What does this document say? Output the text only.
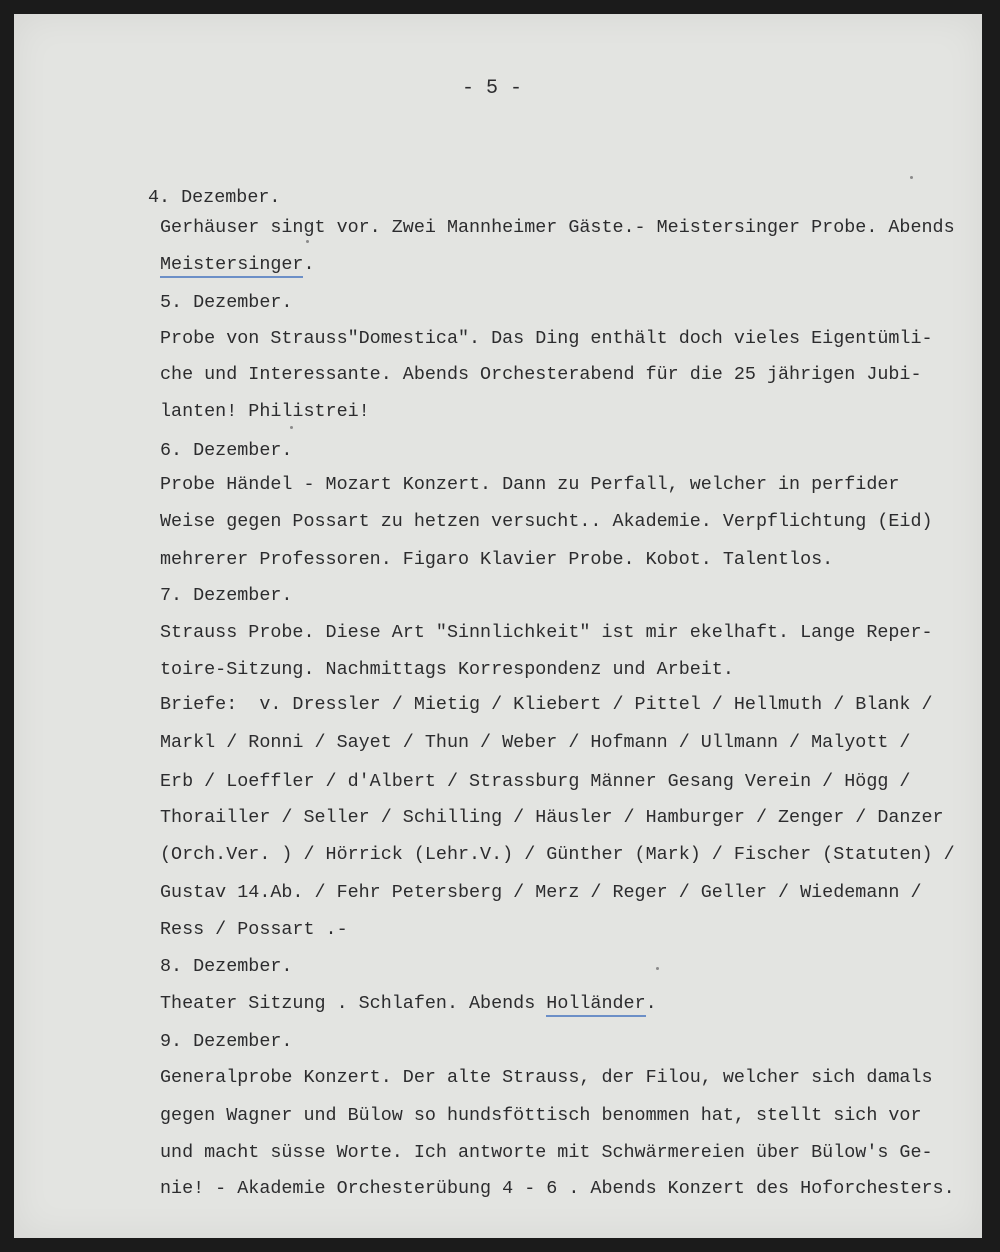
- 5 -
4. Dezember.
Gerhäuser singt vor. Zwei Mannheimer Gäste.- Meistersinger Probe. Abends
Meistersinger.
5. Dezember.
Probe von Strauss"Domestica". Das Ding enthält doch vieles Eigentümli-
che und Interessante. Abends Orchesterabend für die 25 jährigen Jubi-
lanten! Philistrei!
6. Dezember.
Probe Händel - Mozart Konzert. Dann zu Perfall, welcher in perfider
Weise gegen Possart zu hetzen versucht.. Akademie. Verpflichtung (Eid)
mehrerer Professoren. Figaro Klavier Probe. Kobot. Talentlos.
7. Dezember.
Strauss Probe. Diese Art "Sinnlichkeit" ist mir ekelhaft. Lange Reper-
toire-Sitzung. Nachmittags Korrespondenz und Arbeit.
Briefe:  v. Dressler / Mietig / Kliebert / Pittel / Hellmuth / Blank /
Markl / Ronni / Sayet / Thun / Weber / Hofmann / Ullmann / Malyott /
Erb / Loeffler / d'Albert / Strassburg Männer Gesang Verein / Högg /
Thorailler / Seller / Schilling / Häusler / Hamburger / Zenger / Danzer
(Orch.Ver. ) / Hörrick (Lehr.V.) / Günther (Mark) / Fischer (Statuten) /
Gustav 14.Ab. / Fehr Petersberg / Merz / Reger / Geller / Wiedemann /
Ress / Possart .-
8. Dezember.
Theater Sitzung . Schlafen. Abends Holländer.
9. Dezember.
Generalprobe Konzert. Der alte Strauss, der Filou, welcher sich damals
gegen Wagner und Bülow so hundsföttisch benommen hat, stellt sich vor
und macht süsse Worte. Ich antworte mit Schwärmereien über Bülow's Ge-
nie! - Akademie Orchesterübung 4 - 6 . Abends Konzert des Hoforchesters.
